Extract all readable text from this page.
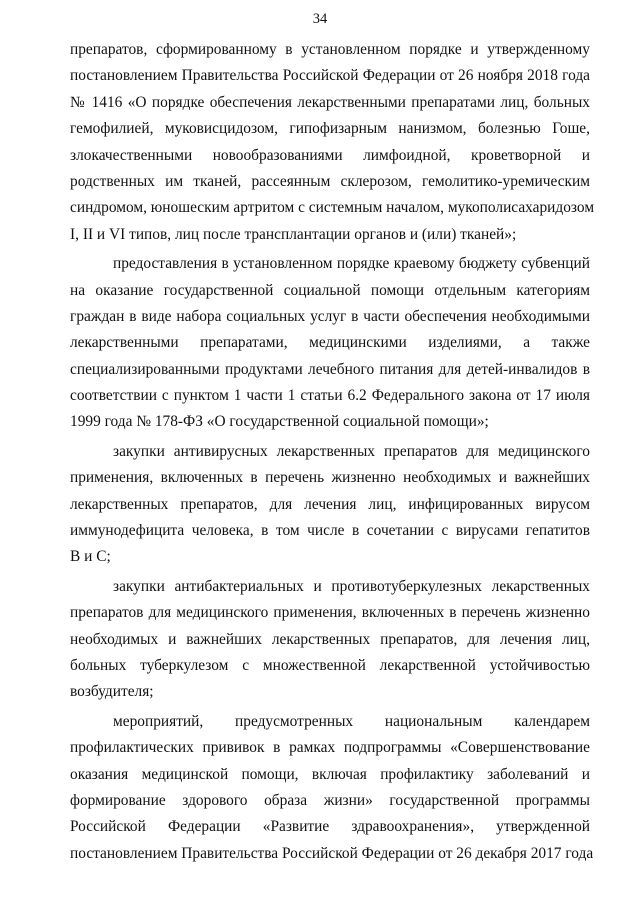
34
препаратов, сформированному в установленном порядке и утвержденному
постановлением Правительства Российской Федерации от 26 ноября 2018 года
№ 1416 «О порядке обеспечения лекарственными препаратами лиц, больных
гемофилией, муковисцидозом, гипофизарным нанизмом, болезнью Гоше,
злокачественными новообразованиями лимфоидной, кроветворной и
родственных им тканей, рассеянным склерозом, гемолитико-уремическим
синдромом, юношеским артритом с системным началом, мукополисахаридозом
I, II и VI типов, лиц после трансплантации органов и (или) тканей»;
предоставления в установленном порядке краевому бюджету субвенций
на оказание государственной социальной помощи отдельным категориям
граждан в виде набора социальных услуг в части обеспечения необходимыми
лекарственными препаратами, медицинскими изделиями, а также
специализированными продуктами лечебного питания для детей-инвалидов в
соответствии с пунктом 1 части 1 статьи 6.2 Федерального закона от 17 июля
1999 года № 178-ФЗ «О государственной социальной помощи»;
закупки антивирусных лекарственных препаратов для медицинского
применения, включенных в перечень жизненно необходимых и важнейших
лекарственных препаратов, для лечения лиц, инфицированных вирусом
иммунодефицита человека, в том числе в сочетании с вирусами гепатитов
В и С;
закупки антибактериальных и противотуберкулезных лекарственных
препаратов для медицинского применения, включенных в перечень жизненно
необходимых и важнейших лекарственных препаратов, для лечения лиц,
больных туберкулезом с множественной лекарственной устойчивостью
возбудителя;
мероприятий, предусмотренных национальным календарем
профилактических прививок в рамках подпрограммы «Совершенствование
оказания медицинской помощи, включая профилактику заболеваний и
формирование здорового образа жизни» государственной программы
Российской Федерации «Развитие здравоохранения», утвержденной
постановлением Правительства Российской Федерации от 26 декабря 2017 года
